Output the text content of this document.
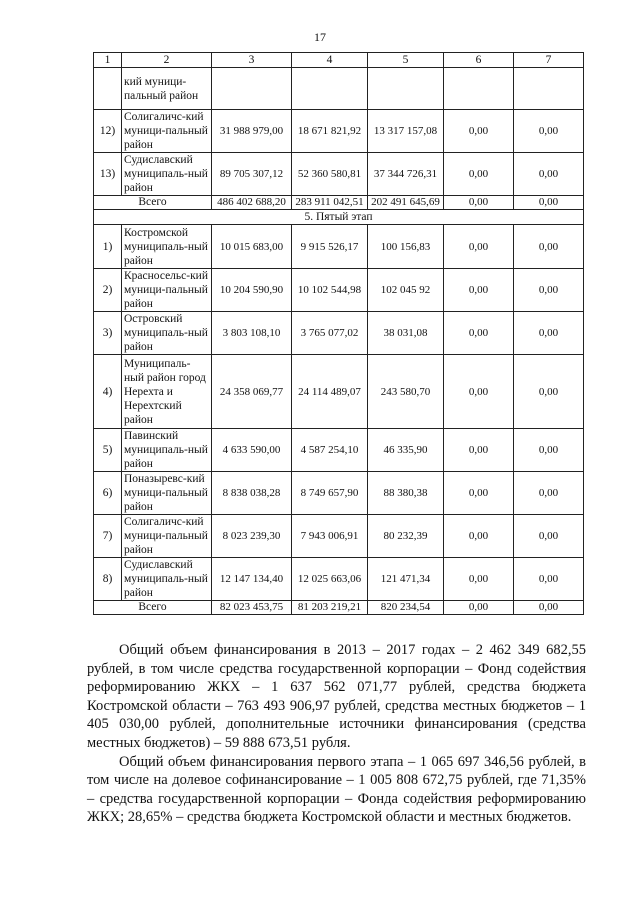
17
1	2	3	4	5	6	7
	кий муници-пальный район					
12)	Солигаличс-кий муници-пальный район	31 988 979,00	18 671 821,92	13 317 157,08	0,00	0,00
13)	Судиславский муниципаль-ный район	89 705 307,12	52 360 580,81	37 344 726,31	0,00	0,00
Всего		486 402 688,20	283 911 042,51	202 491 645,69	0,00	0,00
5. Пятый этап						
1)	Костромской муниципаль-ный район	10 015 683,00	9 915 526,17	100 156,83	0,00	0,00
2)	Красносельс-кий муници-пальный район	10 204 590,90	10 102 544,98	102 045 92	0,00	0,00
3)	Островский муниципаль-ный район	3 803 108,10	3 765 077,02	38 031,08	0,00	0,00
4)	Муниципаль-ный район город Нерехта и Нерехтский район	24 358 069,77	24 114 489,07	243 580,70	0,00	0,00
5)	Павинский муниципаль-ный район	4 633 590,00	4 587 254,10	46 335,90	0,00	0,00
6)	Поназыревс-кий муници-пальный район	8 838 038,28	8 749 657,90	88 380,38	0,00	0,00
7)	Солигаличс-кий муници-пальный район	8 023 239,30	7 943 006,91	80 232,39	0,00	0,00
8)	Судиславский муниципаль-ный район	12 147 134,40	12 025 663,06	121 471,34	0,00	0,00
Всего		82 023 453,75	81 203 219,21	820 234,54	0,00	0,00

Общий объем финансирования в 2013 – 2017 годах – 2 462 349 682,55 рублей, в том числе средства государственной корпорации – Фонд содействия реформированию ЖКХ – 1 637 562 071,77 рублей, средства бюджета Костромской области – 763 493 906,97 рублей, средства местных бюджетов – 1 405 030,00 рублей, дополнительные источники финансирования (средства местных бюджетов) – 59 888 673,51 рубля.

Общий объем финансирования первого этапа – 1 065 697 346,56 рублей, в том числе на долевое софинансирование – 1 005 808 672,75 рублей, где 71,35% – средства государственной корпорации – Фонда содействия реформированию ЖКХ; 28,65% – средства бюджета Костромской области и местных бюджетов.
